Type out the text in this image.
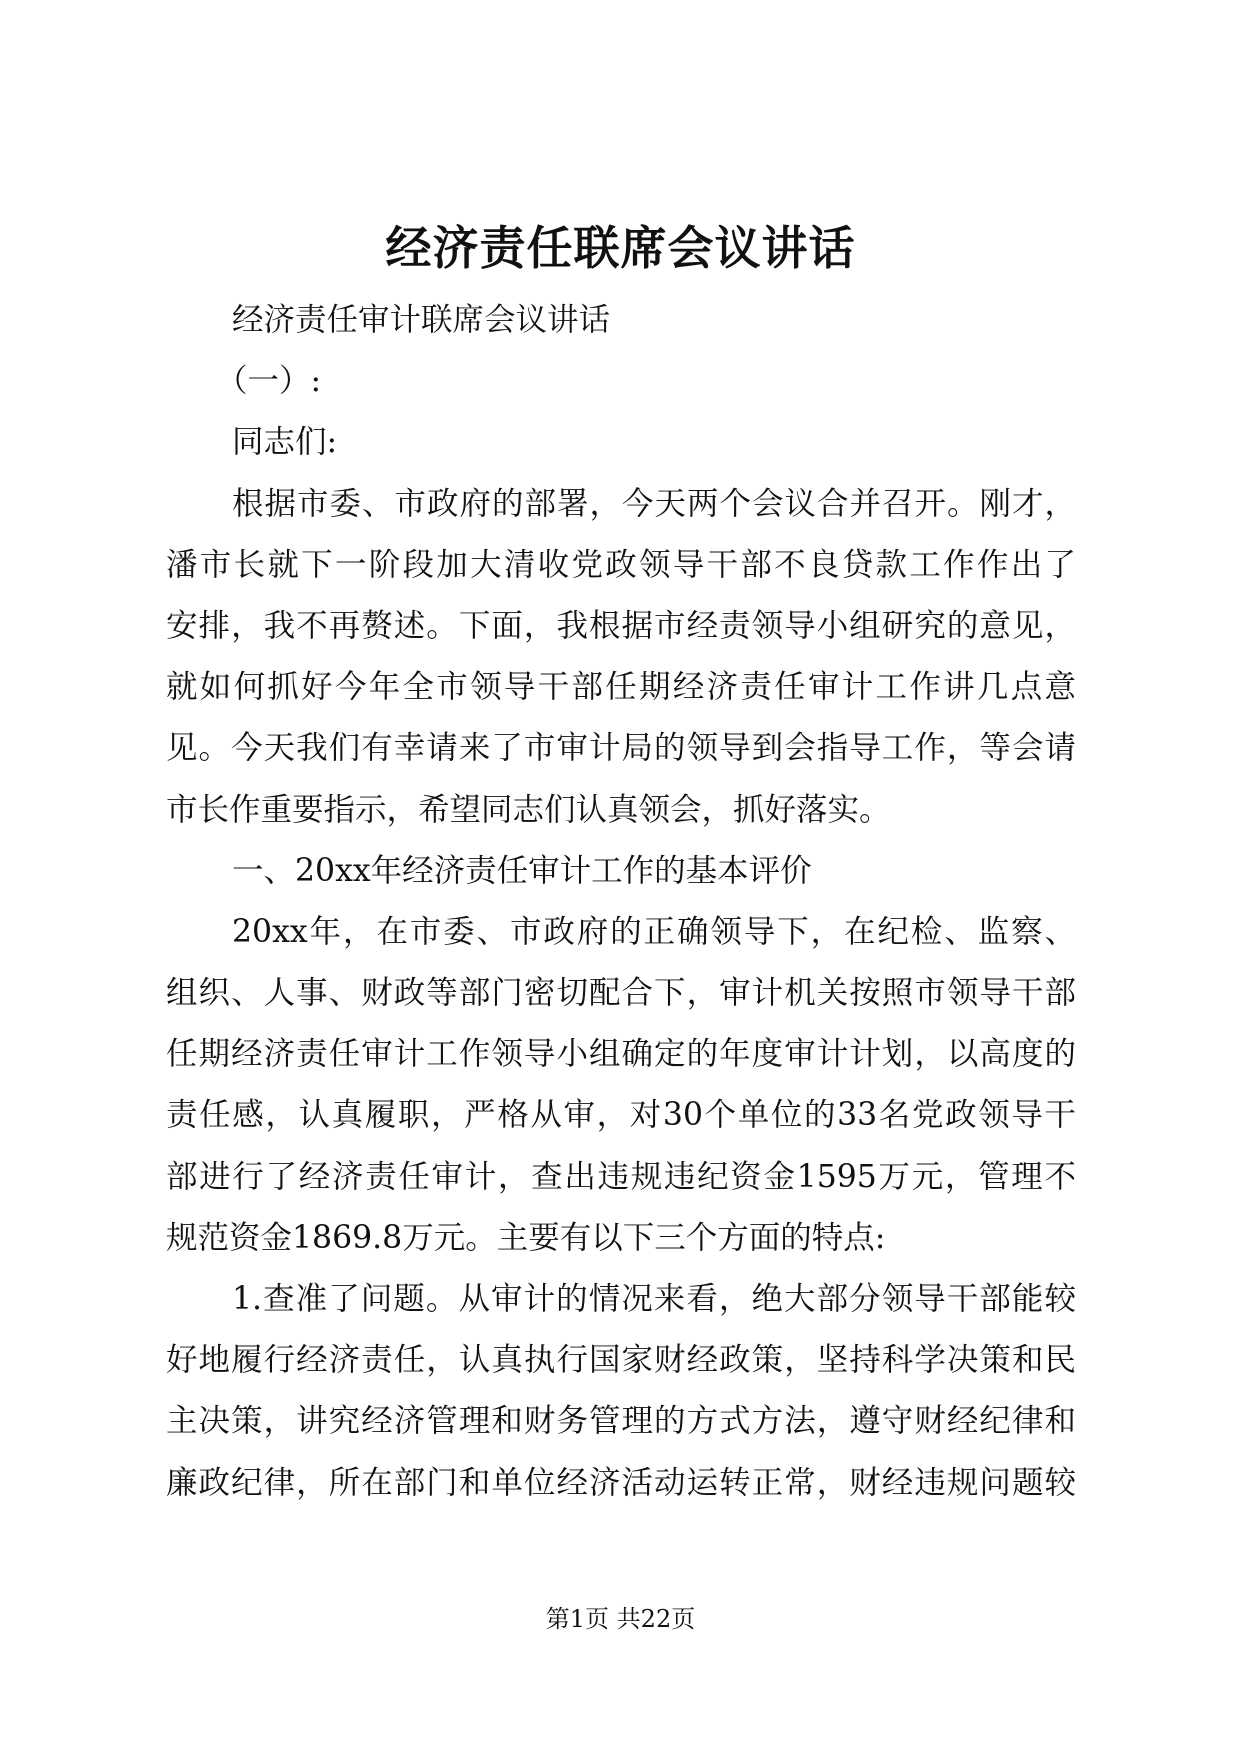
经济责任联席会议讲话

经济责任审计联席会议讲话

（一）:

同志们:

根据市委、市政府的部署，今天两个会议合并召开。刚才，

潘市长就下一阶段加大清收党政领导干部不良贷款工作作出了

安排，我不再赘述。下面，我根据市经责领导小组研究的意见，

就如何抓好今年全市领导干部任期经济责任审计工作讲几点意

见。今天我们有幸请来了市审计局的领导到会指导工作，等会请

市长作重要指示，希望同志们认真领会，抓好落实。

一、20xx年经济责任审计工作的基本评价

20xx年，在市委、市政府的正确领导下，在纪检、监察、

组织、人事、财政等部门密切配合下，审计机关按照市领导干部

任期经济责任审计工作领导小组确定的年度审计计划，以高度的

责任感，认真履职，严格从审，对30个单位的33名党政领导干

部进行了经济责任审计，查出违规违纪资金1595万元，管理不

规范资金1869.8万元。主要有以下三个方面的特点:

1.查准了问题。从审计的情况来看，绝大部分领导干部能较

好地履行经济责任，认真执行国家财经政策，坚持科学决策和民

主决策，讲究经济管理和财务管理的方式方法，遵守财经纪律和

廉政纪律，所在部门和单位经济活动运转正常，财经违规问题较

第1页 共22页
